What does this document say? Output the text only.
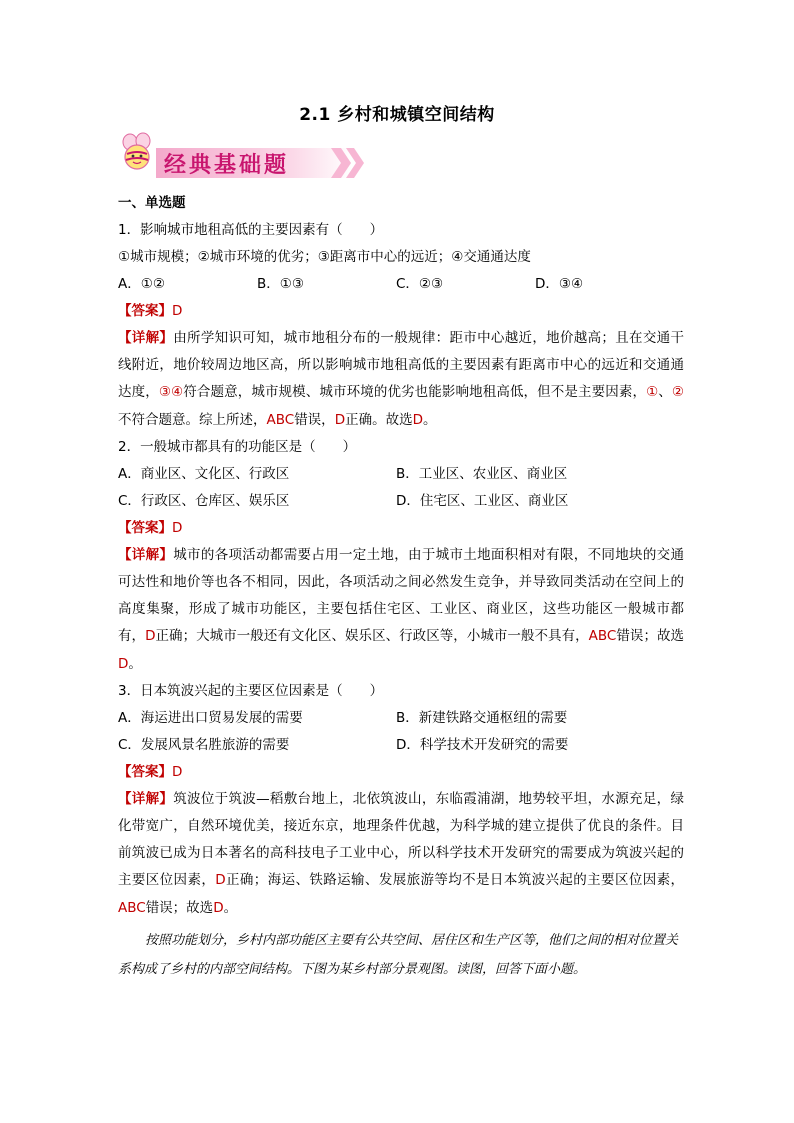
2.1 乡村和城镇空间结构
经典基础题
一、单选题
1．影响城市地租高低的主要因素有（　　）
①城市规模；②城市环境的优劣；③距离市中心的远近；④交通通达度
A．①②	B．①③	C．②③	D．③④
【答案】D
【详解】由所学知识可知，城市地租分布的一般规律：距市中心越近，地价越高；且在交通干线附近，地价较周边地区高，所以影响城市地租高低的主要因素有距离市中心的远近和交通通达度，③④符合题意，城市规模、城市环境的优劣也能影响地租高低，但不是主要因素，①、②不符合题意。综上所述，ABC错误，D正确。故选D。
2．一般城市都具有的功能区是（　　）
A．商业区、文化区、行政区	B．工业区、农业区、商业区
C．行政区、仓库区、娱乐区	D．住宅区、工业区、商业区
【答案】D
【详解】城市的各项活动都需要占用一定土地，由于城市土地面积相对有限，不同地块的交通可达性和地价等也各不相同，因此，各项活动之间必然发生竞争，并导致同类活动在空间上的高度集聚，形成了城市功能区，主要包括住宅区、工业区、商业区，这些功能区一般城市都有，D正确；大城市一般还有文化区、娱乐区、行政区等，小城市一般不具有，ABC错误；故选D。
3．日本筑波兴起的主要区位因素是（　　）
A．海运进出口贸易发展的需要	B．新建铁路交通枢纽的需要
C．发展风景名胜旅游的需要	D．科学技术开发研究的需要
【答案】D
【详解】筑波位于筑波—稻敷台地上，北依筑波山，东临霞浦湖，地势较平坦，水源充足，绿化带宽广，自然环境优美，接近东京，地理条件优越，为科学城的建立提供了优良的条件。目前筑波已成为日本著名的高科技电子工业中心，所以科学技术开发研究的需要成为筑波兴起的主要区位因素，D正确；海运、铁路运输、发展旅游等均不是日本筑波兴起的主要区位因素，ABC错误；故选D。
按照功能划分，乡村内部功能区主要有公共空间、居住区和生产区等，他们之间的相对位置关系构成了乡村的内部空间结构。下图为某乡村部分景观图。读图，回答下面小题。
